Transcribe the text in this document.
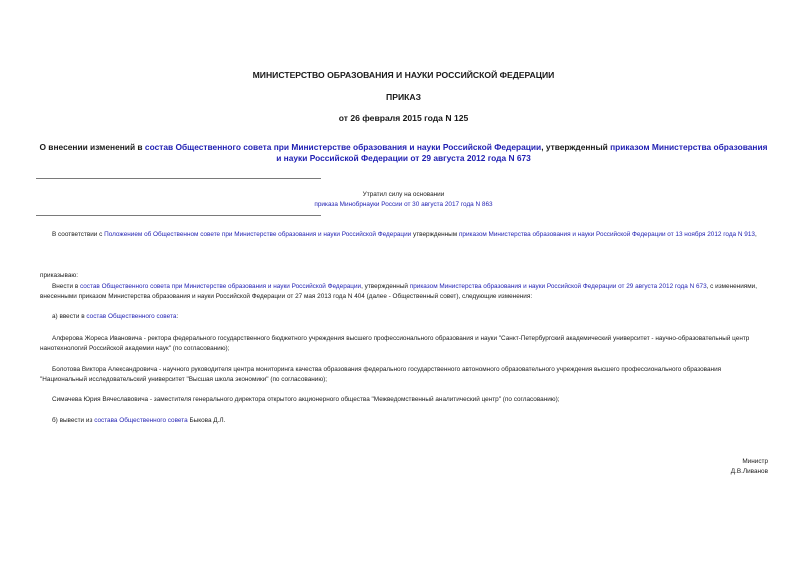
МИНИСТЕРСТВО ОБРАЗОВАНИЯ И НАУКИ РОССИЙСКОЙ ФЕДЕРАЦИИ
ПРИКАЗ
от 26 февраля 2015 года N 125
О внесении изменений в состав Общественного совета при Министерстве образования и науки Российской Федерации, утвержденный приказом Министерства образования и науки Российской Федерации от 29 августа 2012 года N 673
Утратил силу на основании
приказа Минобрнауки России от 30 августа 2017 года N 863
В соответствии с Положением об Общественном совете при Министерстве образования и науки Российской Федерации утвержденным приказом Министерства образования и науки Российской Федерации от 13 ноября 2012 года N 913,
приказываю:
Внести в состав Общественного совета при Министерстве образования и науки Российской Федерации, утвержденный приказом Министерства образования и науки Российской Федерации от 29 августа 2012 года N 673, с изменениями, внесенными приказом Министерства образования и науки Российской Федерации от 27 мая 2013 года N 404 (далее - Общественный совет), следующие изменения:
а) ввести в состав Общественного совета:
Алферова Жореса Ивановича - ректора федерального государственного бюджетного учреждения высшего профессионального образования и науки "Санкт-Петербургский академический университет - научно-образовательный центр нанотехнологий Российской академии наук" (по согласованию);
Болотова Виктора Александровича - научного руководителя центра мониторинга качества образования федерального государственного автономного образовательного учреждения высшего профессионального образования "Национальный исследовательский университет "Высшая школа экономики" (по согласованию);
Симачева Юрия Вячеславовича - заместителя генерального директора открытого акционерного общества "Межведомственный аналитический центр" (по согласованию);
б) вывести из состава Общественного совета Быкова Д.Л.
Министр
Д.В.Ливанов
